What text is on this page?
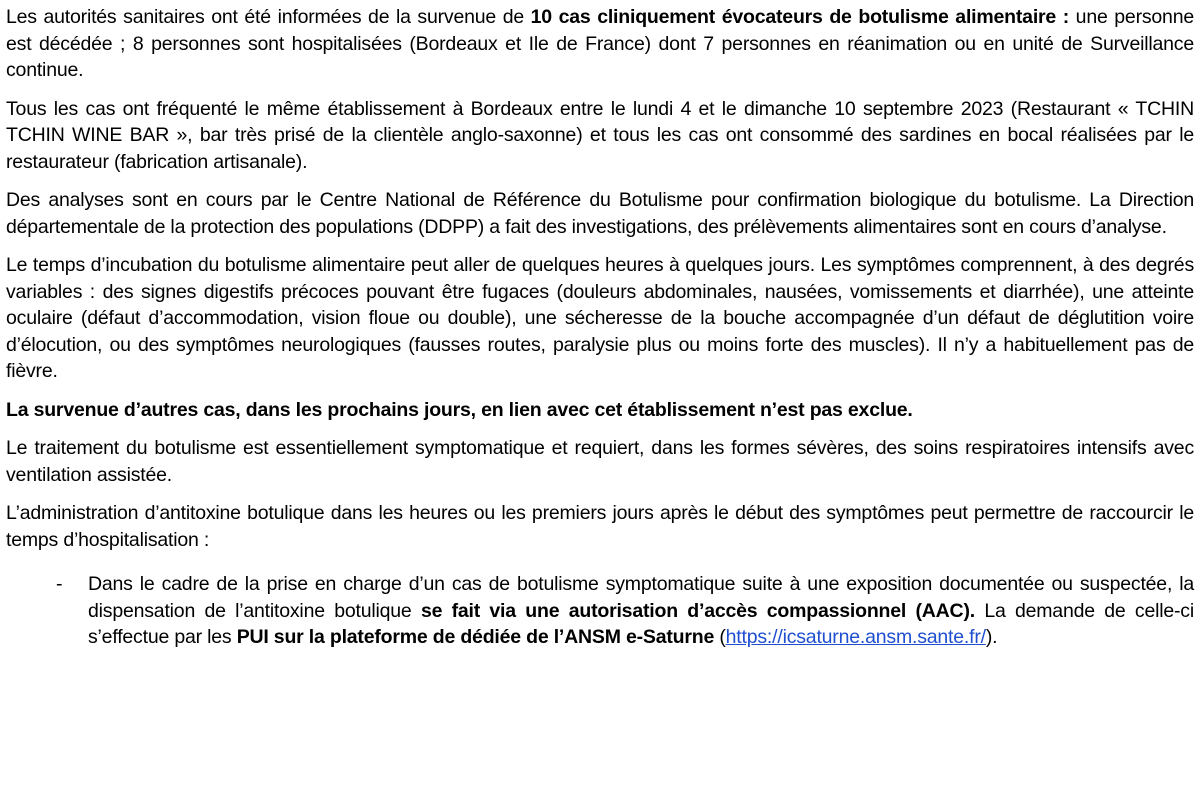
Les autorités sanitaires ont été informées de la survenue de 10 cas cliniquement évocateurs de botulisme alimentaire : une personne est décédée ; 8 personnes sont hospitalisées (Bordeaux et Ile de France) dont 7 personnes en réanimation ou en unité de Surveillance continue.

Tous les cas ont fréquenté le même établissement à Bordeaux entre le lundi 4 et le dimanche 10 septembre 2023 (Restaurant « TCHIN TCHIN WINE BAR », bar très prisé de la clientèle anglo-saxonne) et tous les cas ont consommé des sardines en bocal réalisées par le restaurateur (fabrication artisanale).

Des analyses sont en cours par le Centre National de Référence du Botulisme pour confirmation biologique du botulisme. La Direction départementale de la protection des populations (DDPP) a fait des investigations, des prélèvements alimentaires sont en cours d’analyse.

Le temps d’incubation du botulisme alimentaire peut aller de quelques heures à quelques jours. Les symptômes comprennent, à des degrés variables : des signes digestifs précoces pouvant être fugaces (douleurs abdominales, nausées, vomissements et diarrhée), une atteinte oculaire (défaut d’accommodation, vision floue ou double), une sécheresse de la bouche accompagnée d’un défaut de déglutition voire d’élocution, ou des symptômes neurologiques (fausses routes, paralysie plus ou moins forte des muscles). Il n’y a habituellement pas de fièvre.

La survenue d’autres cas, dans les prochains jours, en lien avec cet établissement n’est pas exclue.

Le traitement du botulisme est essentiellement symptomatique et requiert, dans les formes sévères, des soins respiratoires intensifs avec ventilation assistée.

L’administration d’antitoxine botulique dans les heures ou les premiers jours après le début des symptômes peut permettre de raccourcir le temps d’hospitalisation :

- Dans le cadre de la prise en charge d’un cas de botulisme symptomatique suite à une exposition documentée ou suspectée, la dispensation de l’antitoxine botulique se fait via une autorisation d’accès compassionnel (AAC). La demande de celle-ci s’effectue par les PUI sur la plateforme de dédiée de l’ANSM e-Saturne (https://icsaturne.ansm.sante.fr/).
